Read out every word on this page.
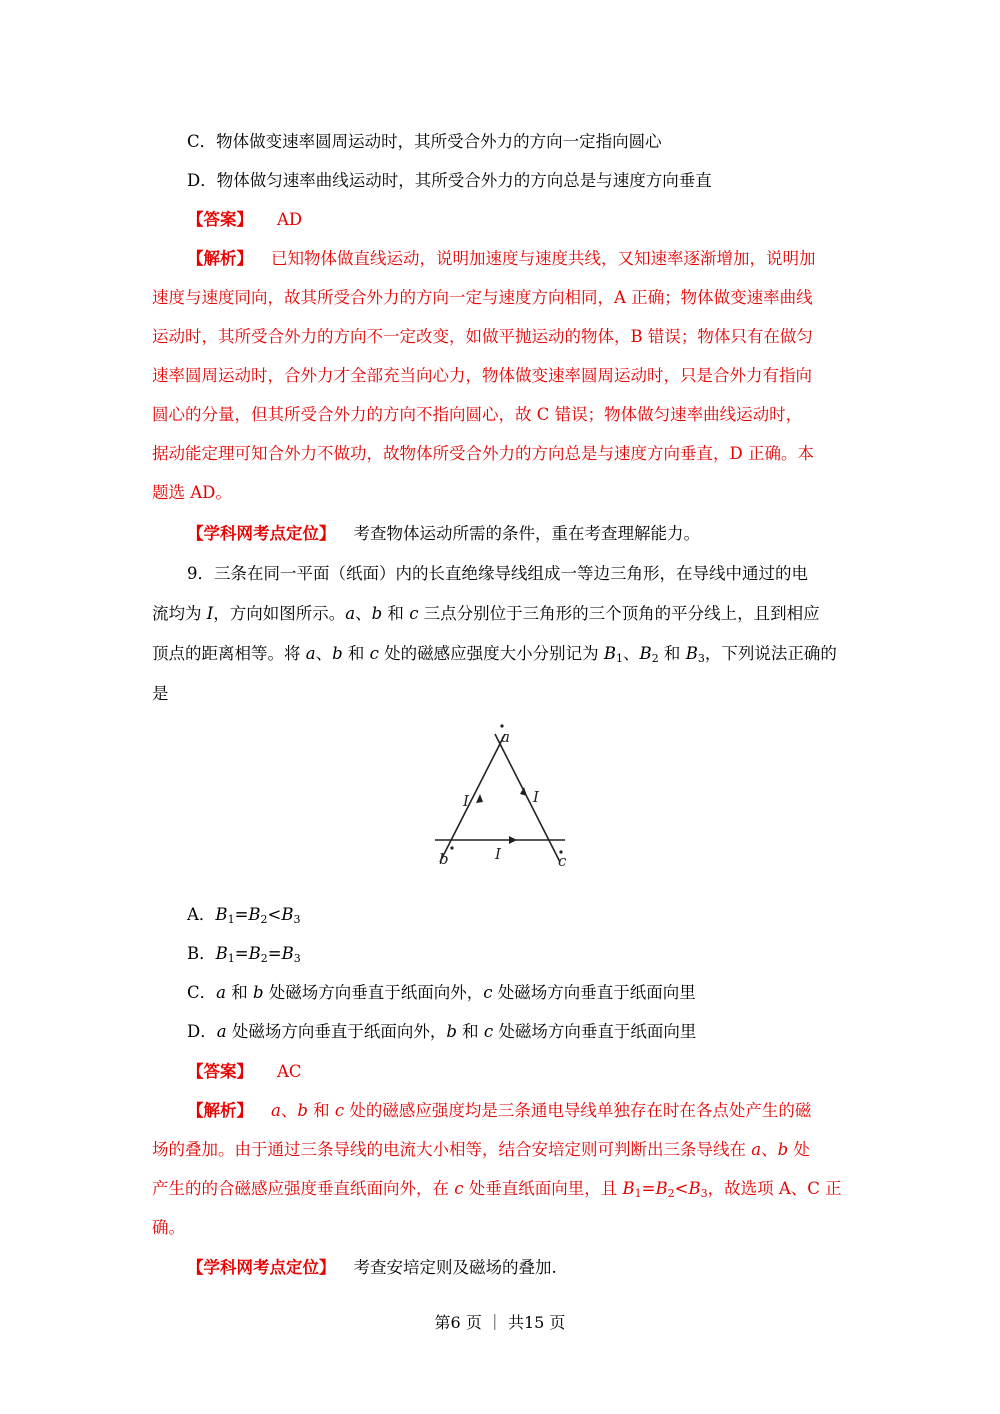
C．物体做变速率圆周运动时，其所受合外力的方向一定指向圆心
D．物体做匀速率曲线运动时，其所受合外力的方向总是与速度方向垂直
【答案】 AD
【解析】 已知物体做直线运动，说明加速度与速度共线，又知速率逐渐增加，说明加
速度与速度同向，故其所受合外力的方向一定与速度方向相同，A 正确；物体做变速率曲线
运动时，其所受合外力的方向不一定改变，如做平抛运动的物体，B 错误；物体只有在做匀
速率圆周运动时，合外力才全部充当向心力，物体做变速率圆周运动时，只是合外力有指向
圆心的分量，但其所受合外力的方向不指向圆心，故 C 错误；物体做匀速率曲线运动时，
据动能定理可知合外力不做功，故物体所受合外力的方向总是与速度方向垂直，D 正确。本
题选 AD。
【学科网考点定位】 考查物体运动所需的条件，重在考查理解能力。
9．三条在同一平面（纸面）内的长直绝缘导线组成一等边三角形，在导线中通过的电
流均为 I，方向如图所示。a、b 和 c 三点分别位于三角形的三个顶角的平分线上，且到相应
顶点的距离相等。将 a、b 和 c 处的磁感应强度大小分别记为 $B_1$、$B_2$ 和 $B_3$，下列说法正确的
是
a
b	c
I	I
I
A．$B_1=B_2<B_3$
B．$B_1=B_2=B_3$
C．a 和 b 处磁场方向垂直于纸面向外，c 处磁场方向垂直于纸面向里
D．a 处磁场方向垂直于纸面向外，b 和 c 处磁场方向垂直于纸面向里
【答案】 AC
【解析】 a、b 和 c 处的磁感应强度均是三条通电导线单独存在时在各点处产生的磁
场的叠加。由于通过三条导线的电流大小相等，结合安培定则可判断出三条导线在 a、b 处
产生的的合磁感应强度垂直纸面向外，在 c 处垂直纸面向里，且 $B_1=B_2<B_3$，故选项 A、C 正
确。
【学科网考点定位】 考查安培定则及磁场的叠加.
第6 页 ｜ 共15 页
